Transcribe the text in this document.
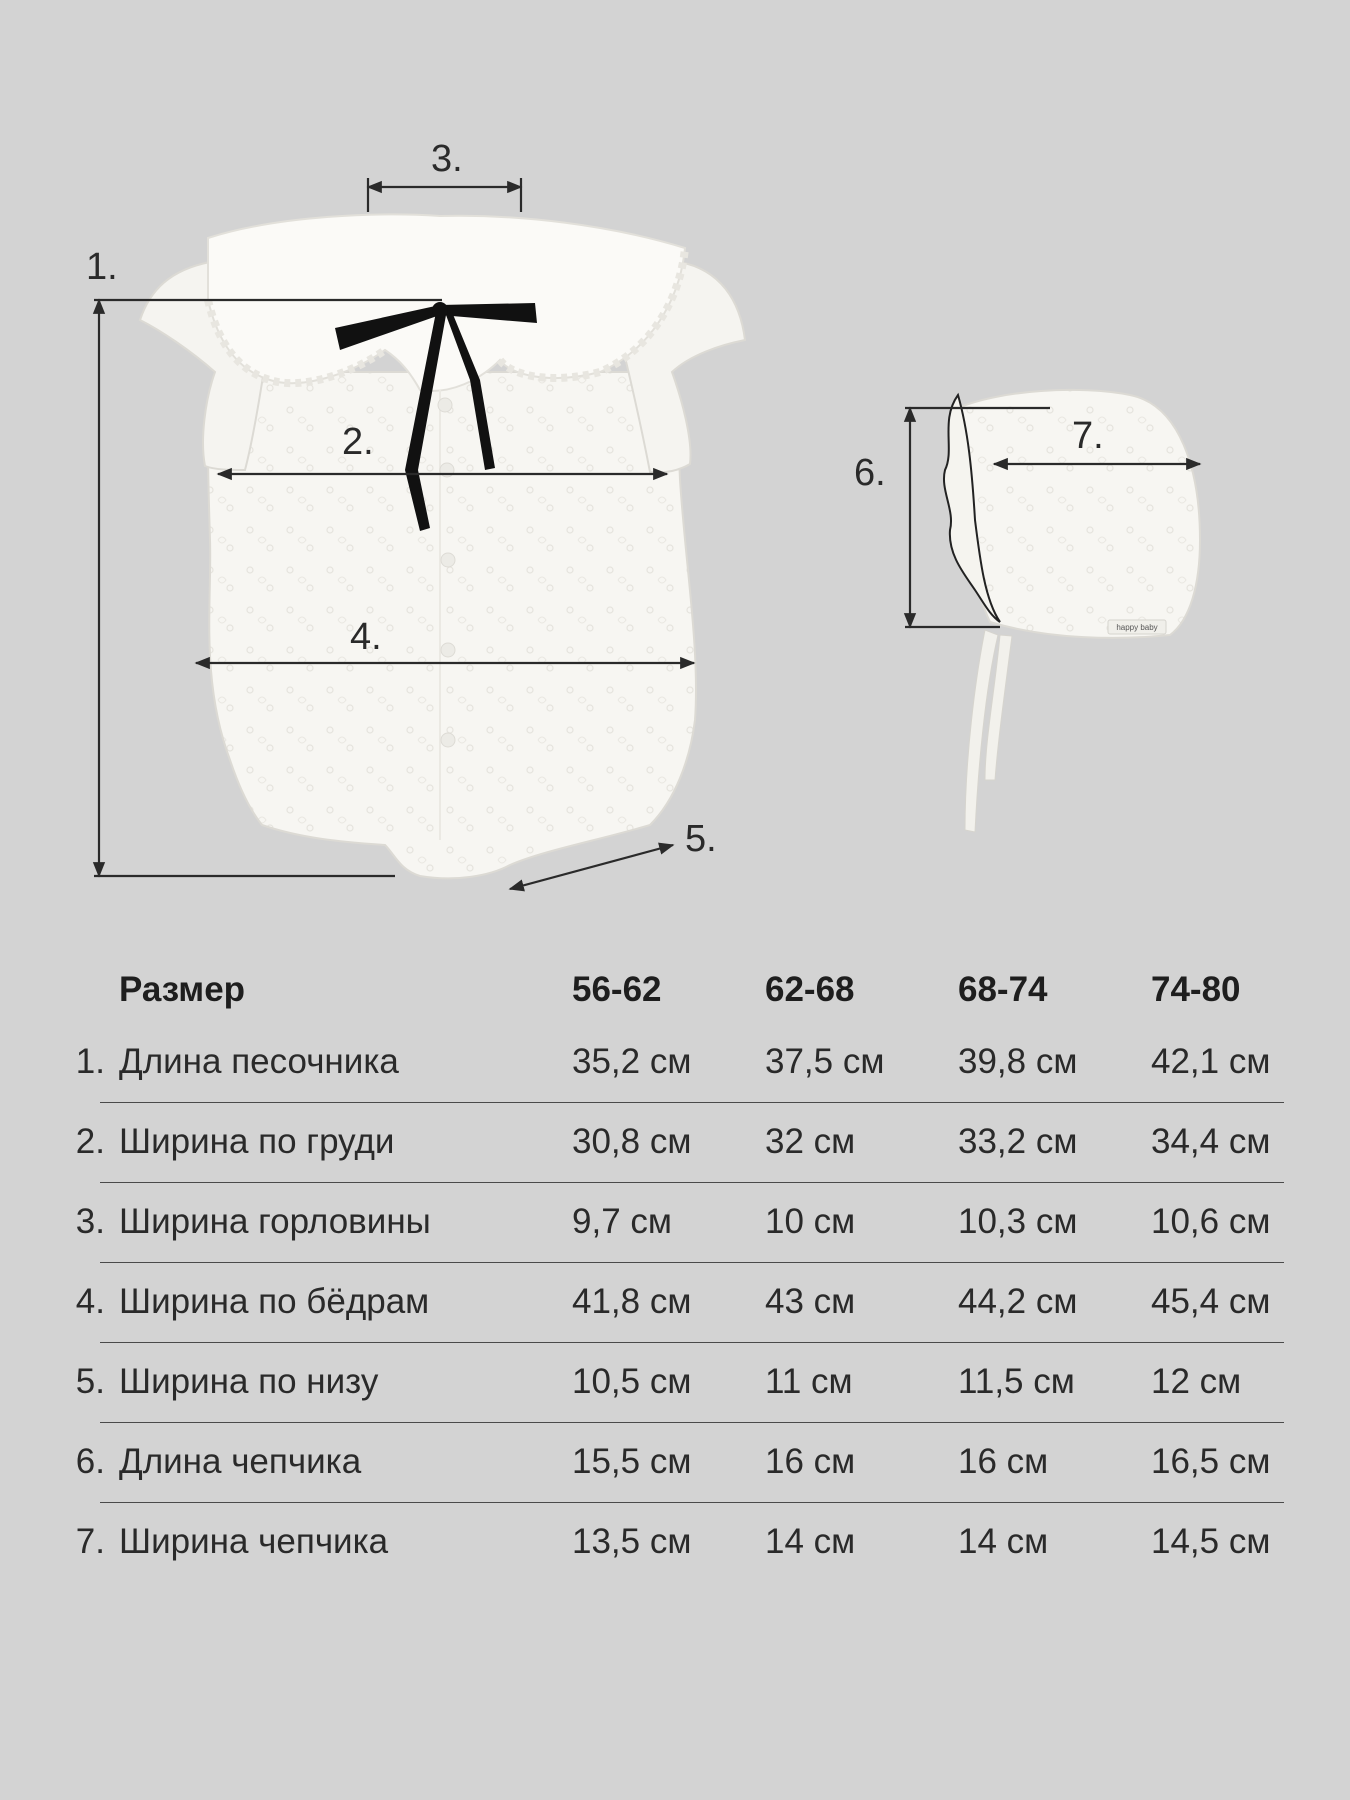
happy baby
1.
2.
3.
4.
5.
6.
7.
Размер	56-62	62-68	68-74	74-80
1. Длина песочника	35,2 см 37,5 см 39,8 см 42,1 см
2. Ширина по груди	30,8 см 32 см	33,2 см 34,4 см
3. Ширина горловины	9,7 см	10 см	10,3 см 10,6 см
4. Ширина по бёдрам	41,8 см 43 см	44,2 см 45,4 см
5. Ширина по низу	10,5 см 11 см	11,5 см 12 см
6. Длина чепчика	15,5 см 16 см	16 см	16,5 см
7. Ширина чепчика	13,5 см 14 см	14 см	14,5 см
